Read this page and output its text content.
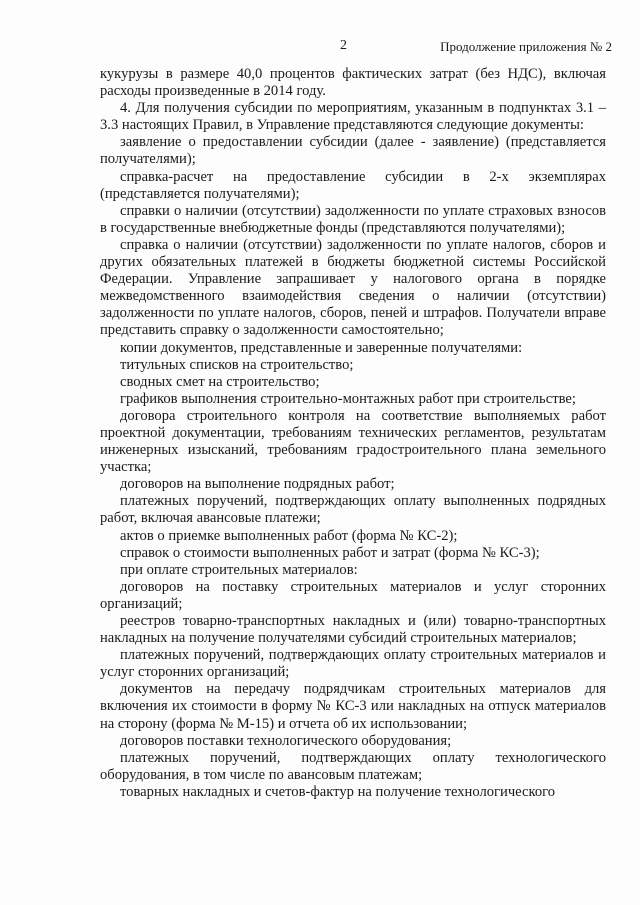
2	Продолжение приложения № 2

кукурузы в размере 40,0 процентов фактических затрат (без НДС), включая расходы произведенные в 2014 году.

4. Для получения субсидии по мероприятиям, указанным в подпунктах 3.1 – 3.3 настоящих Правил, в Управление представляются следующие документы:

заявление о предоставлении субсидии (далее - заявление) (представляется получателями);

справка-расчет на предоставление субсидии в 2-х экземплярах (представляется получателями);

справки о наличии (отсутствии) задолженности по уплате страховых взносов в государственные внебюджетные фонды (представляются получателями);

справка о наличии (отсутствии) задолженности по уплате налогов, сборов и других обязательных платежей в бюджеты бюджетной системы Российской Федерации. Управление запрашивает у налогового органа в порядке межведомственного взаимодействия сведения о наличии (отсутствии) задолженности по уплате налогов, сборов, пеней и штрафов. Получатели вправе представить справку о задолженности самостоятельно;

копии документов, представленные и заверенные получателями:

титульных списков на строительство;

сводных смет на строительство;

графиков выполнения строительно-монтажных работ при строительстве;

договора строительного контроля на соответствие выполняемых работ проектной документации, требованиям технических регламентов, результатам инженерных изысканий, требованиям градостроительного плана земельного участка;

договоров на выполнение подрядных работ;

платежных поручений, подтверждающих оплату выполненных подрядных работ, включая авансовые платежи;

актов о приемке выполненных работ (форма № КС-2);

справок о стоимости выполненных работ и затрат (форма № КС-3);

при оплате строительных материалов:

договоров на поставку строительных материалов и услуг сторонних организаций;

реестров товарно-транспортных накладных и (или) товарно-транспортных накладных на получение получателями субсидий строительных материалов;

платежных поручений, подтверждающих оплату строительных материалов и услуг сторонних организаций;

документов на передачу подрядчикам строительных материалов для включения их стоимости в форму № КС-3 или накладных на отпуск материалов на сторону (форма № М-15) и отчета об их использовании;

договоров поставки технологического оборудования;

платежных поручений, подтверждающих оплату технологического оборудования, в том числе по авансовым платежам;

товарных накладных и счетов-фактур на получение технологического
